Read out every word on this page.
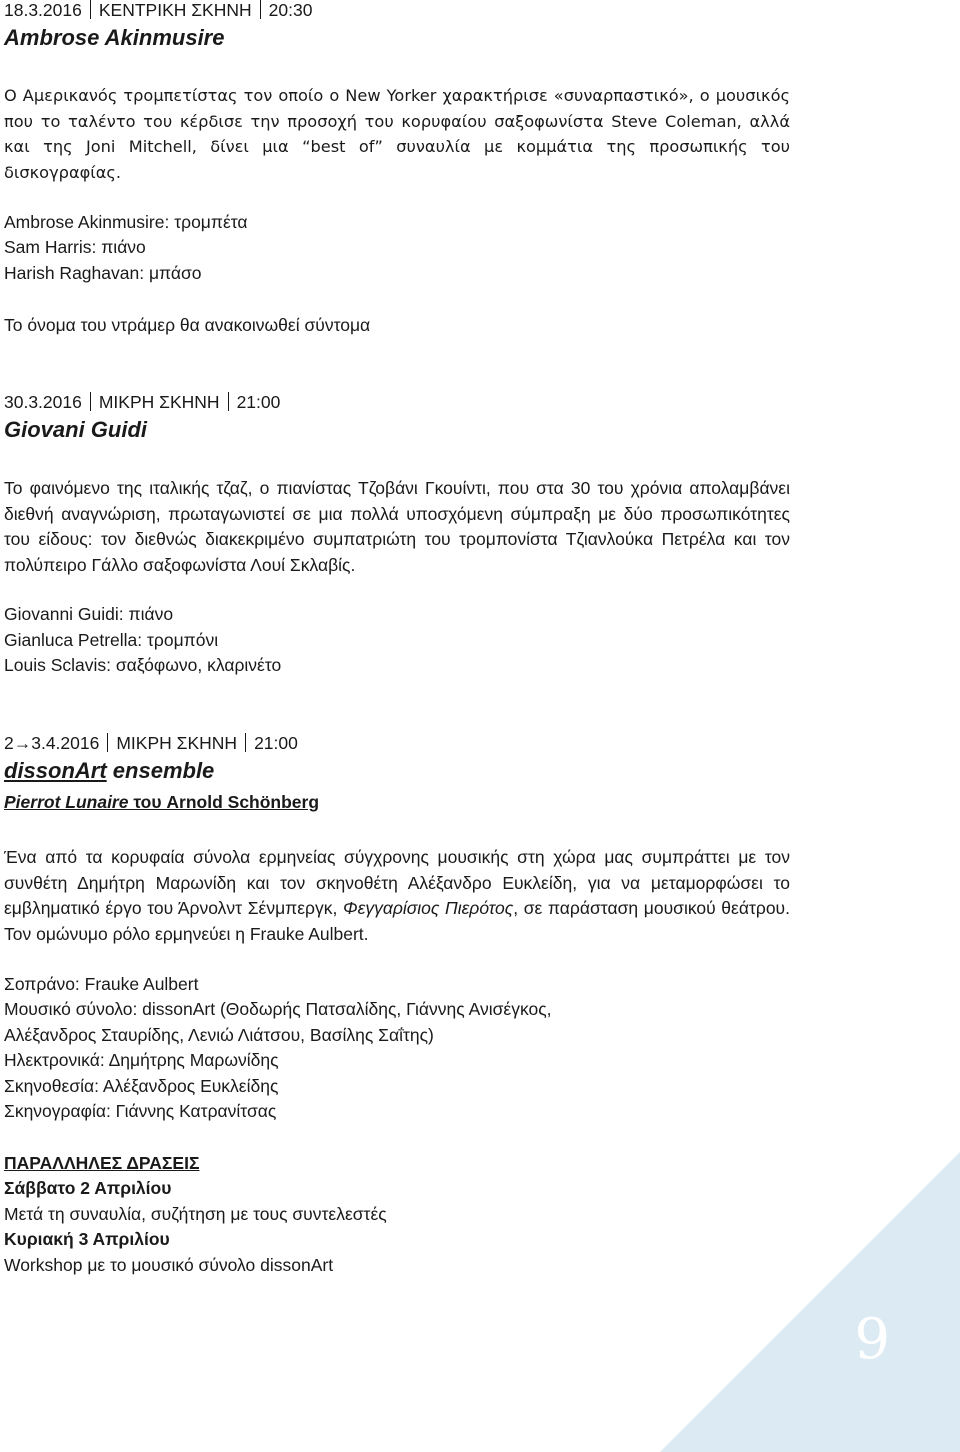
18.3.2016 ΚΕΝΤΡΙΚΗ ΣΚΗΝΗ 20:30
Ambrose Akinmusire
Ο Αμερικανός τρομπετίστας τον οποίο ο New Yorker χαρακτήρισε «συναρπαστικό», ο μουσικός που το ταλέντο του κέρδισε την προσοχή του κορυφαίου σαξοφωνίστα Steve Coleman, αλλά και της Joni Mitchell, δίνει μια “best of” συναυλία με κομμάτια της προσωπικής του δισκογραφίας.
Ambrose Akinmusire: τρομπέτα
Sam Harris: πιάνο
Harish Raghavan: μπάσο
Το όνομα του ντράμερ θα ανακοινωθεί σύντομα
30.3.2016 ΜΙΚΡΗ ΣΚΗΝΗ 21:00
Giovani Guidi
Το φαινόμενο της ιταλικής τζαζ, ο πιανίστας Τζοβάνι Γκουίντι, που στα 30 του χρόνια απολαμβάνει διεθνή αναγνώριση, πρωταγωνιστεί σε μια πολλά υποσχόμενη σύμπραξη με δύο προσωπικότητες του είδους: τον διεθνώς διακεκριμένο συμπατριώτη του τρομπονίστα Τζιανλούκα Πετρέλα και τον πολύπειρο Γάλλο σαξοφωνίστα Λουί Σκλαβίς.
Giovanni Guidi: πιάνο
Gianluca Petrella: τρομπόνι
Louis Sclavis: σαξόφωνο, κλαρινέτο
2→3.4.2016 ΜΙΚΡΗ ΣΚΗΝΗ 21:00
dissonArt ensemble
Pierrot Lunaire του Arnold Schönberg
Ένα από τα κορυφαία σύνολα ερμηνείας σύγχρονης μουσικής στη χώρα μας συμπράττει με τον συνθέτη Δημήτρη Μαρωνίδη και τον σκηνοθέτη Αλέξανδρο Ευκλείδη, για να μεταμορφώσει το εμβληματικό έργο του Άρνολντ Σένμπεργκ, Φεγγαρίσιος Πιερότος, σε παράσταση μουσικού θεάτρου. Τον ομώνυμο ρόλο ερμηνεύει η Frauke Aulbert.
Σοπράνο: Frauke Aulbert
Μουσικό σύνολο: dissonArt (Θοδωρής Πατσαλίδης, Γιάννης Ανισέγκος,
Αλέξανδρος Σταυρίδης, Λενιώ Λιάτσου, Βασίλης Σαΐτης)
Ηλεκτρονικά: Δημήτρης Μαρωνίδης
Σκηνοθεσία: Αλέξανδρος Ευκλείδης
Σκηνογραφία: Γιάννης Κατρανίτσας
ΠΑΡΑΛΛΗΛΕΣ ΔΡΑΣΕΙΣ
Σάββατο 2 Απριλίου
Μετά τη συναυλία, συζήτηση με τους συντελεστές
Κυριακή 3 Απριλίου
Workshop με το μουσικό σύνολο dissonArt
9
